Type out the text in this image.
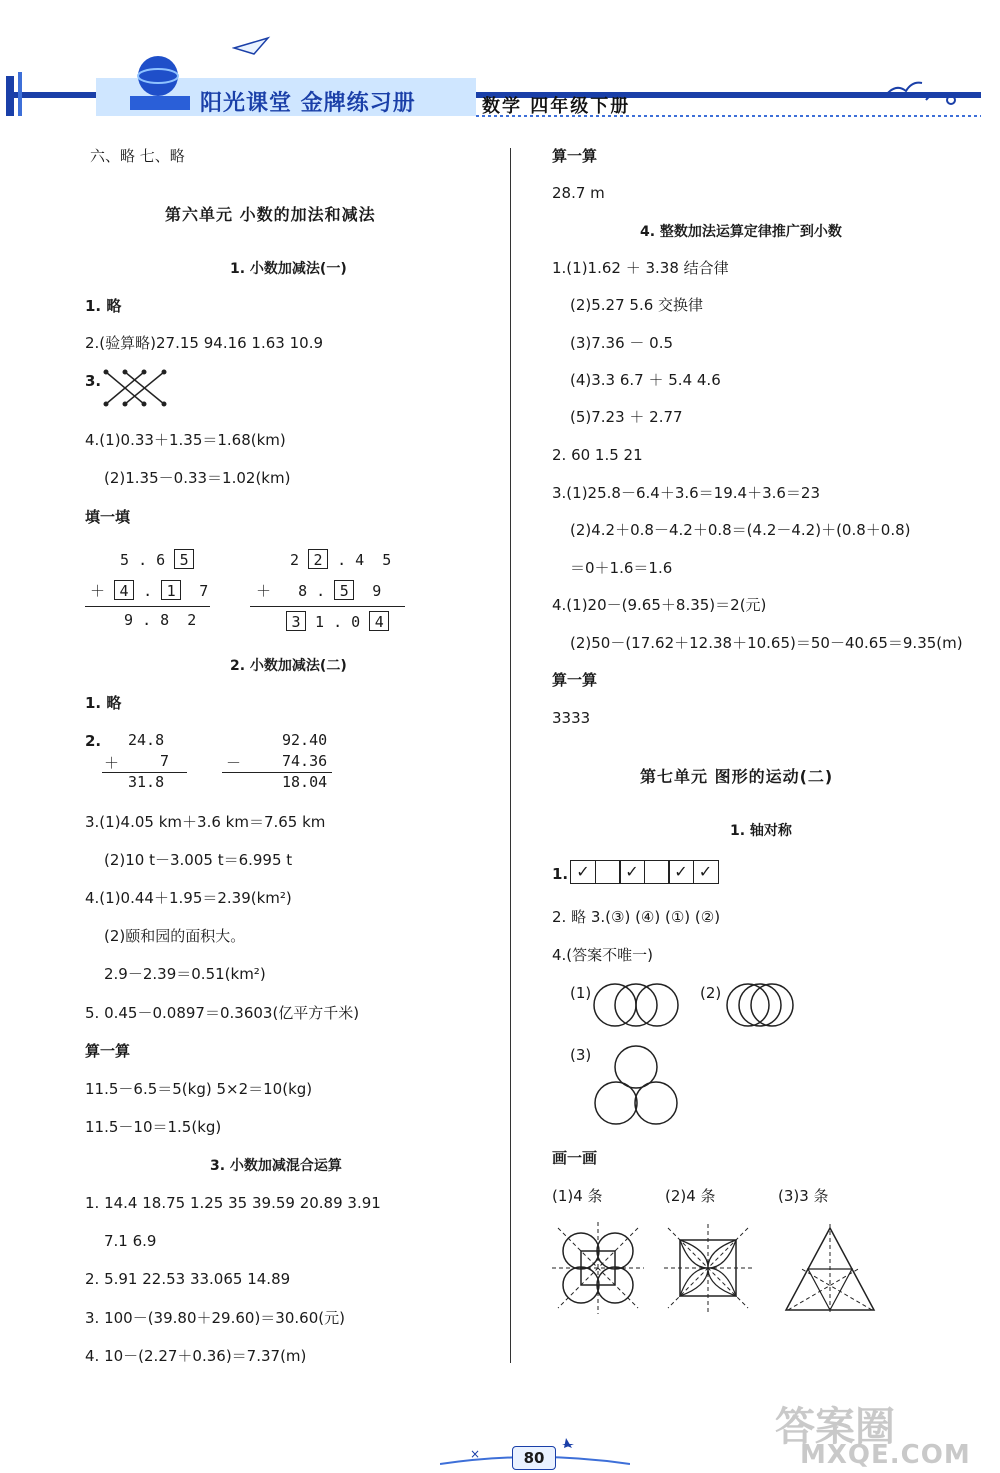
阳光课堂 金牌练习册	数学 四年级下册
六、略 七、略
第六单元 小数的加法和减法
1. 小数加减法(一)
1. 略
2.(验算略)27.15 94.16 1.63 10.9
3.
4.(1)0.33＋1.35＝1.68(km)
(2)1.35－0.33＝1.02(km)
填一填
5 . 6 5
＋ 4 . 1 7
9 . 8 2
2 2 . 4 5
＋ 8 . 5 9
3 1 . 0 4
2. 小数加减法(二)
1. 略
2. 24.8
＋	7
31.8
92.40
－	74.36
18.04
3.(1)4.05 km＋3.6 km＝7.65 km
(2)10 t－3.005 t＝6.995 t
4.(1)0.44＋1.95＝2.39(km²)
(2)颐和园的面积大。
2.9－2.39＝0.51(km²)
5. 0.45－0.0897＝0.3603(亿平方千米)
算一算
11.5－6.5＝5(kg) 5×2＝10(kg)
11.5－10＝1.5(kg)
3. 小数加减混合运算
1. 14.4 18.75 1.25 35 39.59 20.89 3.91
7.1 6.9
2. 5.91 22.53 33.065 14.89
3. 100－(39.80＋29.60)＝30.60(元)
4. 10－(2.27＋0.36)＝7.37(m)
算一算
28.7 m
4. 整数加法运算定律推广到小数
1.(1)1.62 ＋ 3.38 结合律
(2)5.27 5.6 交换律
(3)7.36 － 0.5
(4)3.3 6.7 ＋ 5.4 4.6
(5)7.23 ＋ 2.77
2. 60 1.5 21
3.(1)25.8－6.4＋3.6＝19.4＋3.6＝23
(2)4.2＋0.8－4.2＋0.8＝(4.2－4.2)＋(0.8＋0.8)
＝0＋1.6＝1.6
4.(1)20－(9.65＋8.35)＝2(元)
(2)50－(17.62＋12.38＋10.65)＝50－40.65＝9.35(m)
算一算
3333
第七单元 图形的运动(二)
1. 轴对称
1. ✓ ✓ ✓ ✓
2. 略 3.(③) (④) (①) (②)
4.(答案不唯一)
(1)	(2)
(3)
画一画
(1)4 条	(2)4 条	(3)3 条
×	80
答案圈
MXQE.COM
